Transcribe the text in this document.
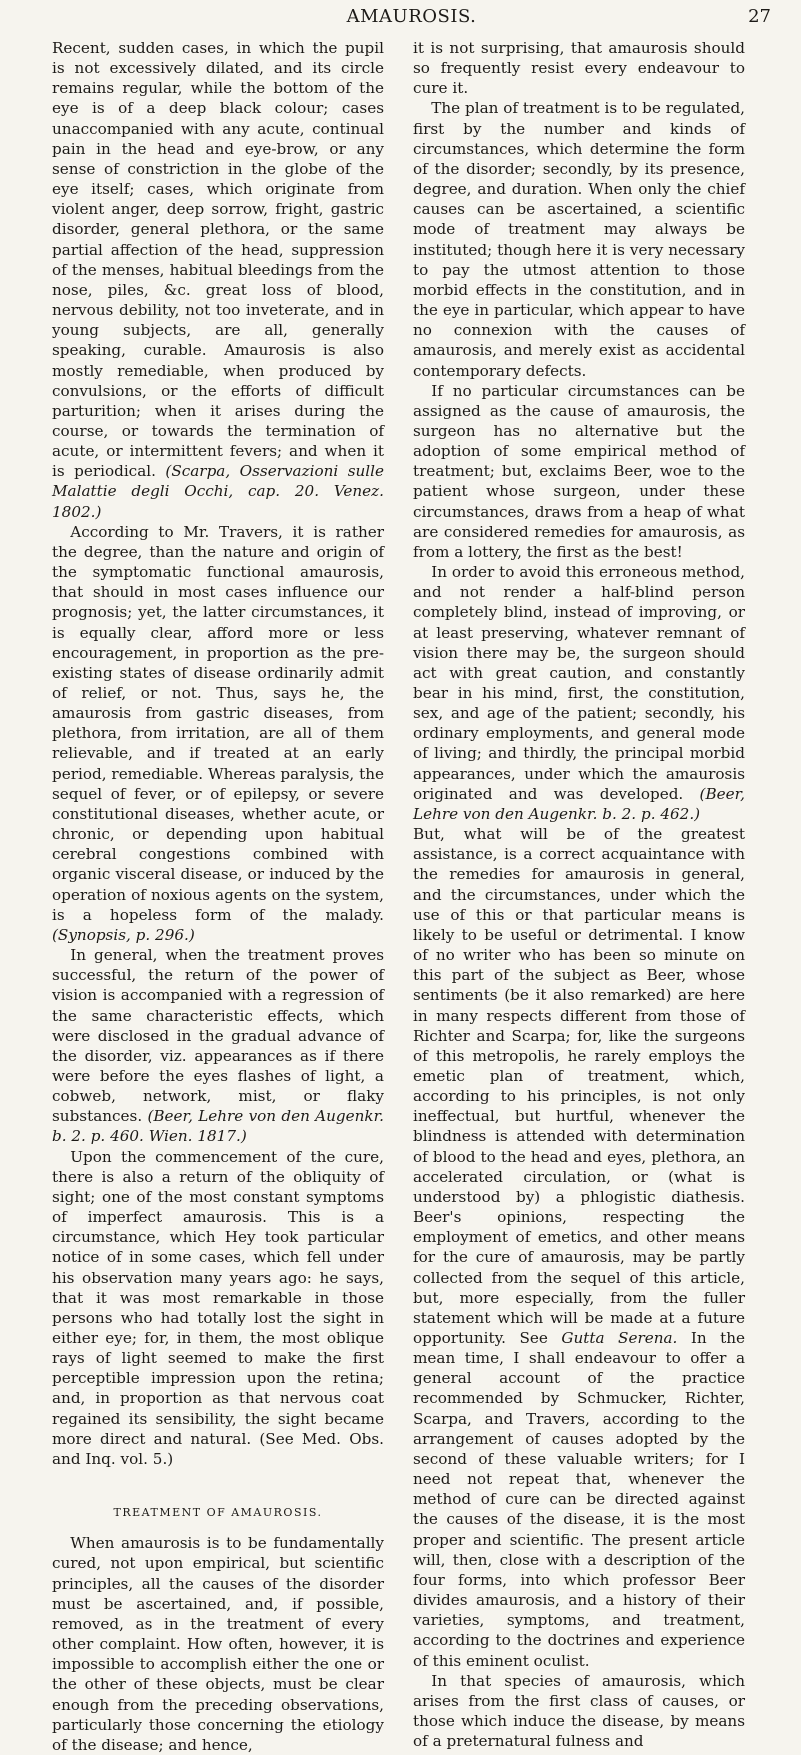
AMAUROSIS.	27

Recent, sudden cases, in which the pupil is not excessively dilated, and its circle remains regular, while the bottom of the eye is of a deep black colour; cases unaccompanied with any acute, continual pain in the head and eye-brow, or any sense of constriction in the globe of the eye itself; cases, which originate from violent anger, deep sorrow, fright, gastric disorder, general plethora, or the same partial affection of the head, suppression of the menses, habitual bleedings from the nose, piles, &c. great loss of blood, nervous debility, not too inveterate, and in young subjects, are all, generally speaking, curable. Amaurosis is also mostly remediable, when produced by convulsions, or the efforts of difficult parturition; when it arises during the course, or towards the termination of acute, or intermittent fevers; and when it is periodical. (Scarpa, Osservazioni sulle Malattie degli Occhi, cap. 20. Venez. 1802.)

According to Mr. Travers, it is rather the degree, than the nature and origin of the symptomatic functional amaurosis, that should in most cases influence our prognosis; yet, the latter circumstances, it is equally clear, afford more or less encouragement, in proportion as the pre-existing states of disease ordinarily admit of relief, or not. Thus, says he, the amaurosis from gastric diseases, from plethora, from irritation, are all of them relievable, and if treated at an early period, remediable. Whereas paralysis, the sequel of fever, or of epilepsy, or severe constitutional diseases, whether acute, or chronic, or depending upon habitual cerebral congestions combined with organic visceral disease, or induced by the operation of noxious agents on the system, is a hopeless form of the malady. (Synopsis, p. 296.)

In general, when the treatment proves successful, the return of the power of vision is accompanied with a regression of the same characteristic effects, which were disclosed in the gradual advance of the disorder, viz. appearances as if there were before the eyes flashes of light, a cobweb, network, mist, or flaky substances. (Beer, Lehre von den Augenkr. b. 2. p. 460. Wien. 1817.)

Upon the commencement of the cure, there is also a return of the obliquity of sight; one of the most constant symptoms of imperfect amaurosis. This is a circumstance, which Hey took particular notice of in some cases, which fell under his observation many years ago: he says, that it was most remarkable in those persons who had totally lost the sight in either eye; for, in them, the most oblique rays of light seemed to make the first perceptible impression upon the retina; and, in proportion as that nervous coat regained its sensibility, the sight became more direct and natural. (See Med. Obs. and Inq. vol. 5.)

TREATMENT OF AMAUROSIS.

When amaurosis is to be fundamentally cured, not upon empirical, but scientific principles, all the causes of the disorder must be ascertained, and, if possible, removed, as in the treatment of every other complaint. How often, however, it is impossible to accomplish either the one or the other of these objects, must be clear enough from the preceding observations, particularly those concerning the etiology of the disease; and hence,

it is not surprising, that amaurosis should so frequently resist every endeavour to cure it.

The plan of treatment is to be regulated, first by the number and kinds of circumstances, which determine the form of the disorder; secondly, by its presence, degree, and duration. When only the chief causes can be ascertained, a scientific mode of treatment may always be instituted; though here it is very necessary to pay the utmost attention to those morbid effects in the constitution, and in the eye in particular, which appear to have no connexion with the causes of amaurosis, and merely exist as accidental contemporary defects.

If no particular circumstances can be assigned as the cause of amaurosis, the surgeon has no alternative but the adoption of some empirical method of treatment; but, exclaims Beer, woe to the patient whose surgeon, under these circumstances, draws from a heap of what are considered remedies for amaurosis, as from a lottery, the first as the best!

In order to avoid this erroneous method, and not render a half-blind person completely blind, instead of improving, or at least preserving, whatever remnant of vision there may be, the surgeon should act with great caution, and constantly bear in his mind, first, the constitution, sex, and age of the patient; secondly, his ordinary employments, and general mode of living; and thirdly, the principal morbid appearances, under which the amaurosis originated and was developed. (Beer, Lehre von den Augenkr. b. 2. p. 462.)

But, what will be of the greatest assistance, is a correct acquaintance with the remedies for amaurosis in general, and the circumstances, under which the use of this or that particular means is likely to be useful or detrimental. I know of no writer who has been so minute on this part of the subject as Beer, whose sentiments (be it also remarked) are here in many respects different from those of Richter and Scarpa; for, like the surgeons of this metropolis, he rarely employs the emetic plan of treatment, which, according to his principles, is not only ineffectual, but hurtful, whenever the blindness is attended with determination of blood to the head and eyes, plethora, an accelerated circulation, or (what is understood by) a phlogistic diathesis. Beer's opinions, respecting the employment of emetics, and other means for the cure of amaurosis, may be partly collected from the sequel of this article, but, more especially, from the fuller statement which will be made at a future opportunity. See Gutta Serena. In the mean time, I shall endeavour to offer a general account of the practice recommended by Schmucker, Richter, Scarpa, and Travers, according to the arrangement of causes adopted by the second of these valuable writers; for I need not repeat that, whenever the method of cure can be directed against the causes of the disease, it is the most proper and scientific. The present article will, then, close with a description of the four forms, into which professor Beer divides amaurosis, and a history of their varieties, symptoms, and treatment, according to the doctrines and experience of this eminent oculist.

In that species of amaurosis, which arises from the first class of causes, or those which induce the disease, by means of a preternatural fulness and
